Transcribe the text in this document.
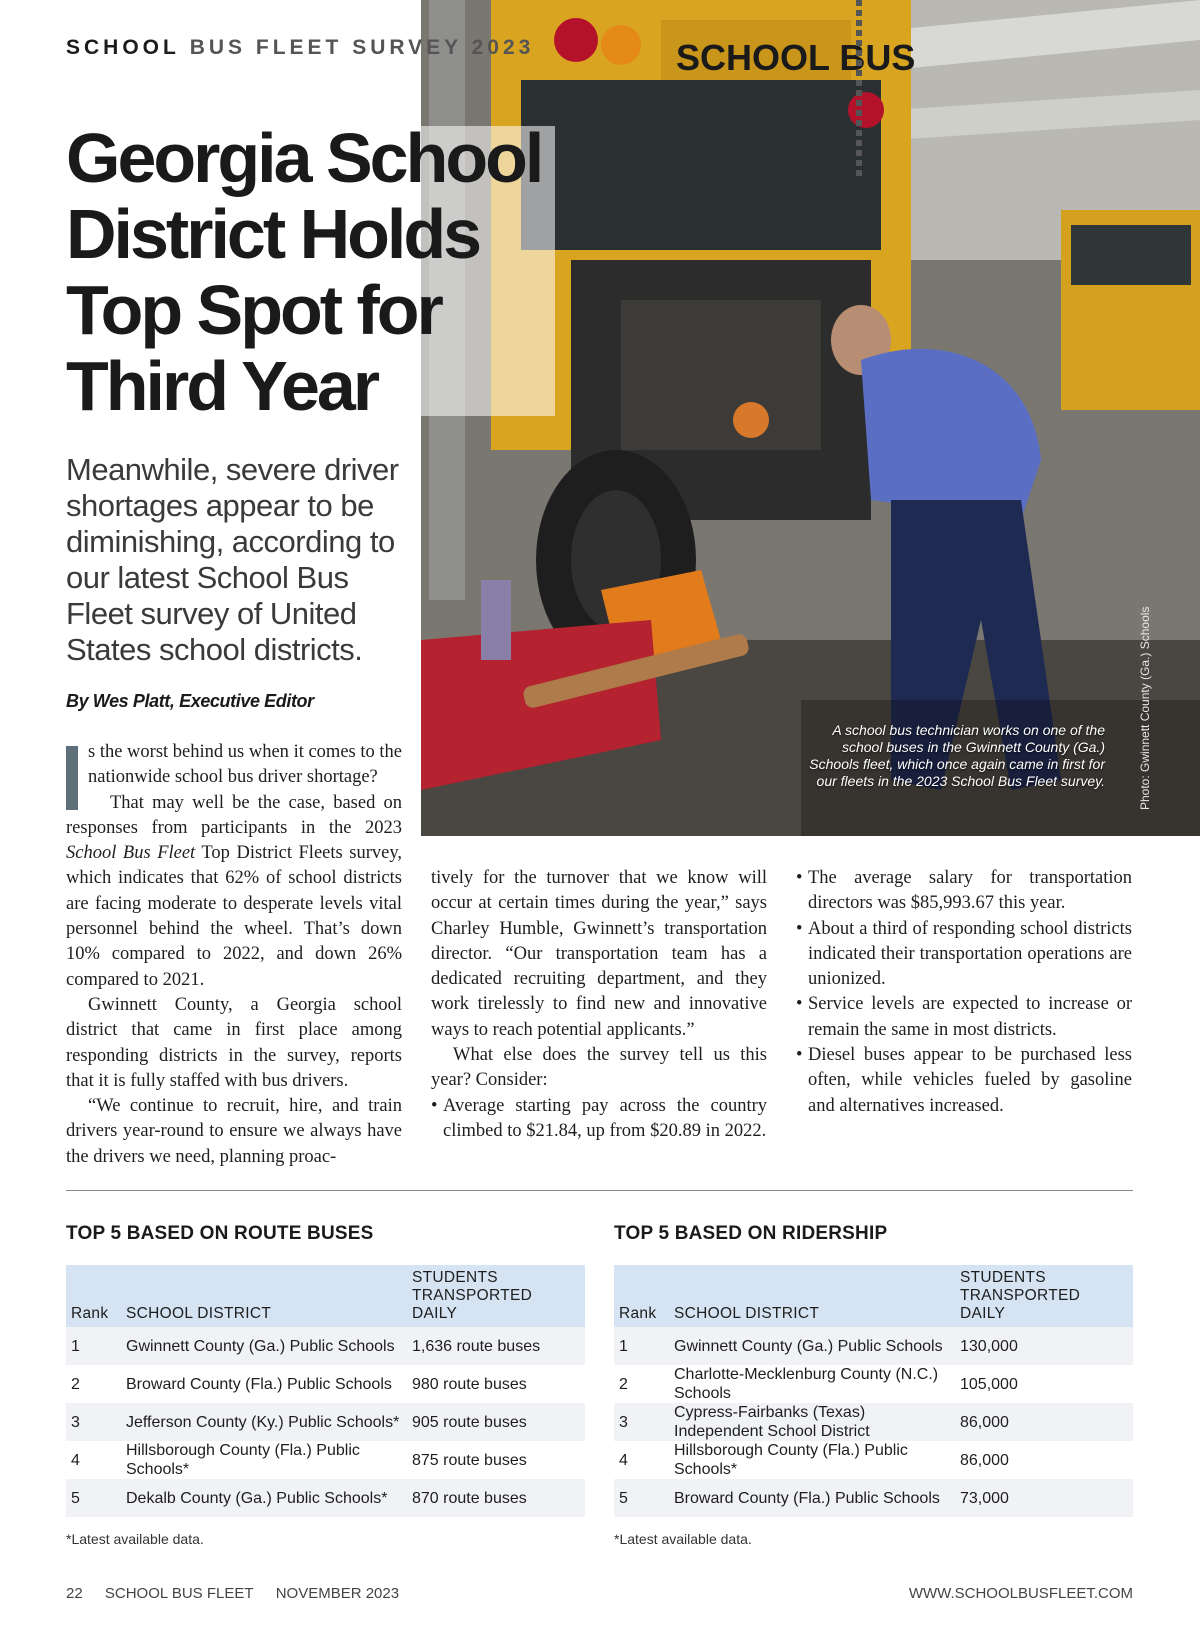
SCHOOL BUS
A school bus technician works on one of the school buses in the Gwinnett County (Ga.) Schools fleet, which once again came in first for our fleets in the 2023 School Bus Fleet survey.	Photo: Gwinnett County (Ga.) Schools
SCHOOL BUS FLEET SURVEY 2023
Georgia School District Holds Top Spot for Third Year
Meanwhile, severe driver shortages appear to be diminishing, according to our latest School Bus Fleet survey of United States school districts.
By Wes Platt, Executive Editor

s the worst behind us when it comes to the nationwide school bus driver shortage?

That may well be the case, based on responses from participants in the 2023 School Bus Fleet Top District Fleets survey, which indicates that 62% of school districts are facing moderate to desperate levels vital personnel behind the wheel. That’s down 10% compared to 2022, and down 26% compared to 2021.

Gwinnett County, a Georgia school district that came in first place among responding districts in the survey, reports that it is fully staffed with bus drivers.

“We continue to recruit, hire, and train drivers year-round to ensure we always have the drivers we need, planning proac-

tively for the turnover that we know will occur at certain times during the year,” says Charley Humble, Gwinnett’s transportation director. “Our transportation team has a dedicated recruiting department, and they work tirelessly to find new and innovative ways to reach potential applicants.”

What else does the survey tell us this year? Consider:

• Average starting pay across the country climbed to $21.84, up from $20.89 in 2022.
• The average salary for transportation directors was $85,993.67 this year.
• About a third of responding school districts indicated their transportation operations are unionized.
• Service levels are expected to increase or remain the same in most districts.
• Diesel buses appear to be purchased less often, while vehicles fueled by gasoline and alternatives increased.
TOP 5 BASED ON ROUTE BUSES
Rank	SCHOOL DISTRICT	STUDENTS TRANSPORTED DAILY
1	Gwinnett County (Ga.) Public Schools	1,636 route buses
2	Broward County (Fla.) Public Schools	980 route buses
3	Jefferson County (Ky.) Public Schools*	905 route buses
4	Hillsborough County (Fla.) Public Schools*	875 route buses
5	Dekalb County (Ga.) Public Schools*	870 route buses
*Latest available data.
TOP 5 BASED ON RIDERSHIP
Rank	SCHOOL DISTRICT	STUDENTS TRANSPORTED DAILY
1	Gwinnett County (Ga.) Public Schools	130,000
2	Charlotte-Mecklenburg County (N.C.) Schools	105,000
3	Cypress-Fairbanks (Texas) Independent School District	86,000
4	Hillsborough County (Fla.) Public Schools*	86,000
5	Broward County (Fla.) Public Schools	73,000
*Latest available data.
22 SCHOOL BUS FLEET NOVEMBER 2023	WWW.SCHOOLBUSFLEET.COM
